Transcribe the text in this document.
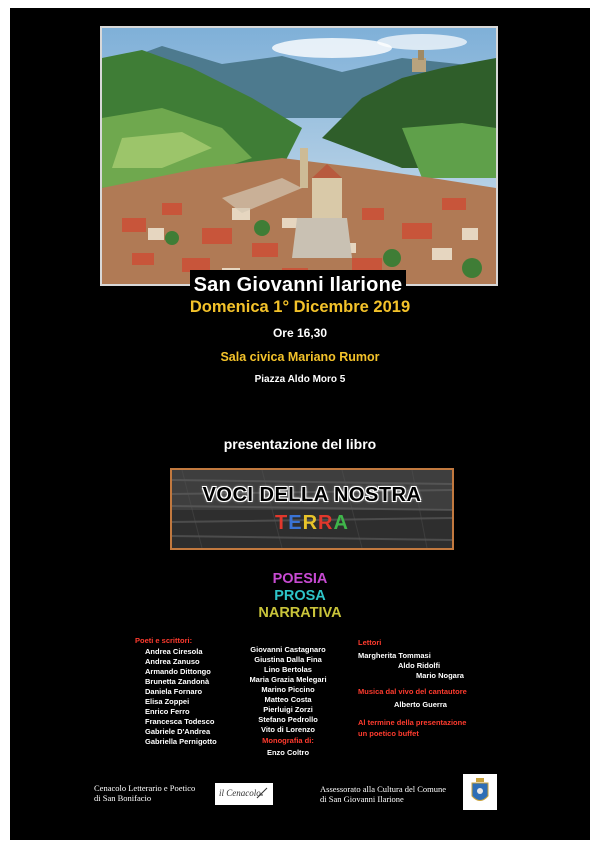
San Giovanni Ilarione
Domenica 1° Dicembre 2019
Ore 16,30
Sala civica Mariano Rumor
Piazza Aldo Moro 5
presentazione del libro
VOCI DELLA NOSTRA
TERRA
POESIA
PROSA
NARRATIVA
Poeti e scrittori:
Andrea Ciresola
Andrea Zanuso
Armando Dittongo
Brunetta Zandonà
Daniela Fornaro
Elisa Zoppei
Enrico Ferro
Francesca Todesco
Gabriele D'Andrea
Gabriella Pernigotto
Giovanni Castagnaro
Giustina Dalla Fina
Lino Bertolas
Maria Grazia Melegari
Marino Piccino
Matteo Costa
Pierluigi Zorzi
Stefano Pedrollo
Vito di Lorenzo
Monografia di:
Enzo Coltro
Lettori
Margherita Tommasi
Aldo Ridolfi
Mario Nogara
Musica dal vivo del cantautore
Alberto Guerra
Al termine della presentazione
un poetico buffet
Cenacolo Letterario e Poetico
di San Bonifacio	il Cenacolo	Assessorato alla Cultura del Comune
di San Giovanni Ilarione
